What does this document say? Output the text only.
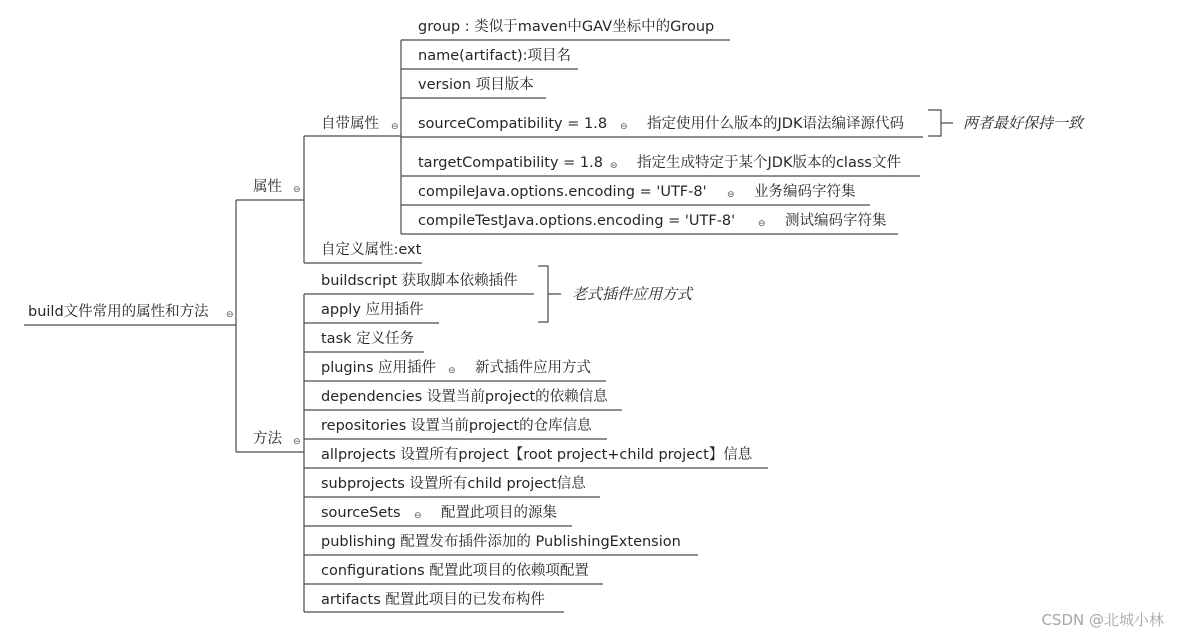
build文件常用的属性和方法 ⊖
属性 ⊖
自带属性 ⊖
group : 类似于maven中GAV坐标中的Group
name(artifact):项目名
version 项目版本
sourceCompatibility = 1.8 ⊖ 指定使用什么版本的JDK语法编译源代码
targetCompatibility = 1.8 ⊖ 指定生成特定于某个JDK版本的class文件
compileJava.options.encoding = 'UTF-8' ⊖ 业务编码字符集
compileTestJava.options.encoding = 'UTF-8'	⊖ 测试编码字符集
两者最好保持一致
自定义属性:ext
方法 ⊖
buildscript 获取脚本依赖插件
apply 应用插件
task 定义任务
plugins 应用插件 ⊖ 新式插件应用方式
dependencies 设置当前project的依赖信息
repositories 设置当前project的仓库信息
allprojects 设置所有project【root project+child project】信息
subprojects 设置所有child project信息
sourceSets ⊖ 配置此项目的源集
publishing 配置发布插件添加的 PublishingExtension
configurations 配置此项目的依赖项配置
artifacts 配置此项目的已发布构件
老式插件应用方式
CSDN @北城小林
